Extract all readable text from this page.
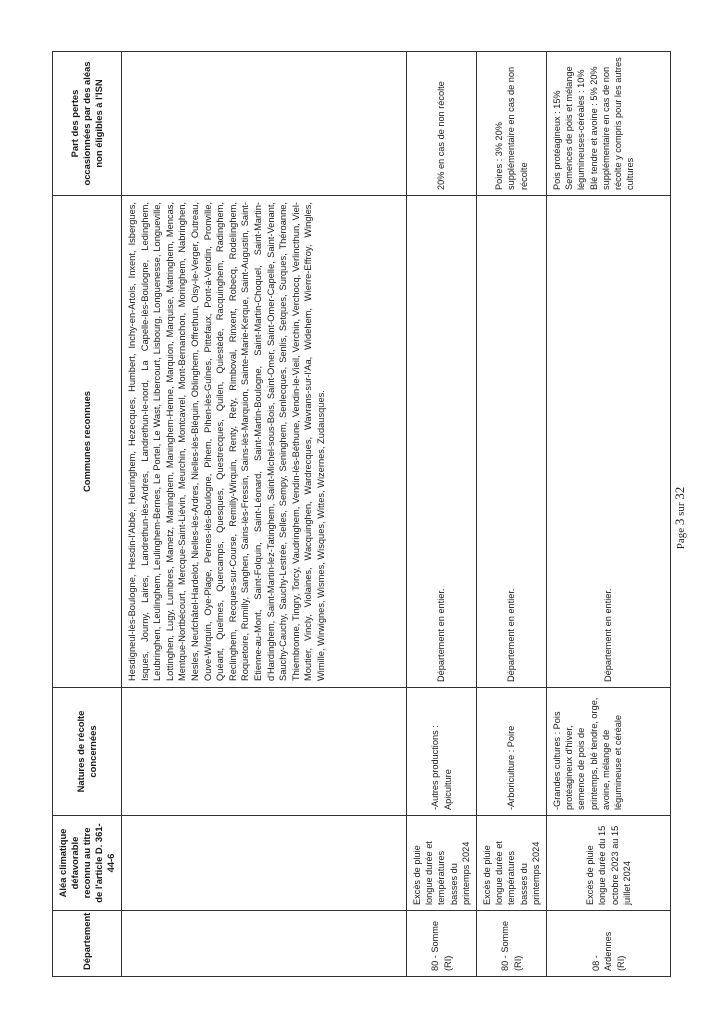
Département	Aléa climatique défavorable reconnu au titre de l'article D. 361-44-6	Natures de récolte concernées	Communes reconnues	Part des pertes occasionnées par des aléas non éligibles à l'ISN
			Hesdigneul-lès-Boulogne, Hesdin-l'Abbé, Heuringhem, Hezecques, Humbert, Inchy-en-Artois, Inxent, Isbergues, Isques, Journy, Laires, Landrethun-lès-Ardres, Landrethun-le-nord, La Capelle-lès-Boulogne, Ledinghem, Leubringhen, Leulinghem, Leulinghem-Bernes, Le Portel, Le Wast, Libercourt, Lisbourg, Longuenesse, Longueville, Lottinghen, Lugy, Lumbres, Mametz, Maninghem, Maninghem-Henne, Marquion, Marquise, Matringhem, Mencas, Mentque-Nortbécourt, Mercque-Saint-Liévin, Meurchin, Montcavrel, Mont-Bernanchon, Moringhem, Nabringhen, Nesles, Neufchâtel-Hardelot, Nielles-lès-Ardres, Nielles-lès-Bléquin, Oblinghem, Offrethun, Oisy-le-Verger, Outreau, Ouve-Wirquin, Oye-Plage, Pernes-lès-Boulogne, Pihem, Pihen-lès-Guînes, Pittefaux, Pont-à-Vendin, Pronville, Quéant, Quelmes, Quercamps, Quesques, Questrecques, Quilen, Quiestède, Racquinghem, Radinghem, Reclinghem, Recques-sur-Course, Remilly-Wirquin, Renty, Rety, Rimboval, Rinxent, Robecq, Rodelinghem, Roquetoire, Rumilly, Sanghen, Sains-lès-Fressin, Sains-lès-Marquion, Sainte-Marie-Kerque, Saint-Augustin, Saint-Etienne-au-Mont, Saint-Folquin, Saint-Léonard, Saint-Martin-Boulogne, Saint-Martin-Choquel, Saint-Martin-d'Hardinghem, Saint-Martin-lez-Tatinghem, Saint-Michel-sous-Bois, Saint-Omer, Saint-Omer-Capelle, Saint-Venant, Sauchy-Cauchy, Sauchy-Lestrée, Selles, Sempy, Seninghem, Senlecques, Senlis, Setques, Surques, Théroanne, Thiembronne, Tingry, Torcy, Vaudringhem, Vendin-lès-Béthune, Vendin-le-Vieil, Verchin, Verchocq, Verlincthun, Viel-Moutier, Vincly, Violaines, Wacquinghen, Wardrecques, Wavrans-sur-l'Aa, Widehem, Wierre-Effroy, Wingles, Wimille, Wirwignes, Wismes, Wisques, Wittes, Wizernes, Zudausques.	
80 - Somme (RI)	Excès de pluie longue durée et températures basses du printemps 2024	-Autres productions : Apiculture	Département en entier.	20% en cas de non récolte
80 - Somme (RI)	Excès de pluie longue durée et températures basses du printemps 2024	-Arboriculture : Poire	Département en entier.	Poires : 3% 20% supplémentaire en cas de non récolte
08 - Ardennes (RI)	Excès de pluie longue durée du 15 octobre 2023 au 15 juillet 2024	-Grandes cultures : Pois protéagineux d'hiver, semence de pois de printemps, blé tendre, orge, avoine, mélange de légumineuse et céréale	Département en entier.	Pois protéagineux : 15% Semences de pois et mélange légumineuses-céréales : 10% Blé tendre et avoine : 5% 20% supplémentaire en cas de non récolte y compris pour les autres cultures
Page 3 sur 32
